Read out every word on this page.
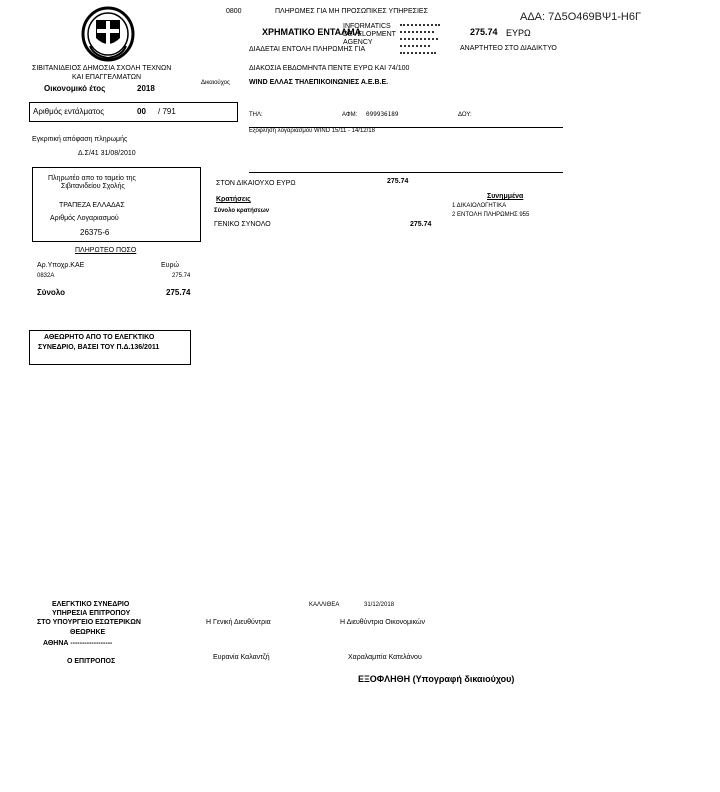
ΑΔΑ: 7Δ5Ο469ΒΨ1-Η6Γ
0800	ΠΛΗΡΩΜΕΣ ΓΙΑ ΜΗ ΠΡΟΣΩΠΙΚΕΣ ΥΠΗΡΕΣΙΕΣ
INFORMATICS
DEVELOPMENT
AGENCY
ΧΡΗΜΑΤΙΚΟ ΕΝΤΑΛΜΑ	275.74 ΕΥΡΩ
ΔΙΑΔΕΤΑΙ ΕΝΤΟΛΗ ΠΛΗΡΩΜΗΣ ΓΙΑ	ΑΝΑΡΤΗΤΕΟ ΣΤΟ ΔΙΑΔΙΚΤΥΟ
ΣΙΒΙΤΑΝΙΔΕΙΟΣ ΔΗΜΟΣΙΑ ΣΧΟΛΗ ΤΕΧΝΩΝ
ΚΑΙ ΕΠΑΓΓΕΛΜΑΤΩΝ
ΔΙΑΚΟΣΙΑ ΕΒΔΟΜΗΝΤΑ ΠΕΝΤΕ ΕΥΡΩ ΚΑΙ 74/100
Οικονομικό έτος	2018
Δικαιούχος	WIND ΕΛΛΑΣ ΤΗΛΕΠΙΚΟΙΝΩΝΙΕΣ Α.Ε.Β.Ε.
Αριθμός εντάλματος	00 / 791	ΤΗΛ:	ΑΦΜ: 099936189	ΔΟΥ:
Εξόφληση λογαριασμού WIND 15/11 - 14/12/18
Εγκριτική απόφαση πληρωμής
Δ.Σ/41 31/08/2010
Πληρωτέο απο το ταμείο της
Σιβιτανιδείου Σχολής
ΤΡΑΠΕΖΑ ΕΛΛΑΔΑΣ
Αριθμός Λογαριασμού
26375-6
ΣΤΟΝ ΔΙΚΑΙΟΥΧΟ ΕΥΡΩ	275.74
Συνημμένα
Κρατήσεις
1 ΔΙΚΑΙΟΛΟΓΗΤΙΚΑ
Σύνολο κρατήσεων
2 ΕΝΤΟΛΗ ΠΛΗΡΩΜΗΣ 955
ΓΕΝΙΚΟ ΣΥΝΟΛΟ	275.74
ΠΛΗΡΩΤΕΟ ΠΟΣΟ
Αρ.Υποχρ.ΚΑΕ	Ευρώ
0832Α	275.74
Σύνολο	275.74
ΑΘΕΩΡΗΤΟ ΑΠΟ ΤΟ ΕΛΕΓΚΤΙΚΟ
ΣΥΝΕΔΡΙΟ, ΒΑΣΕΙ ΤΟΥ Π.Δ.136/2011
ΕΛΕΓΚΤΙΚΟ ΣΥΝΕΔΡΙΟ
ΥΠΗΡΕΣΙΑ ΕΠΙΤΡΟΠΟΥ
ΣΤΟ ΥΠΟΥΡΓΕΙΟ ΕΣΩΤΕΡΙΚΩΝ
ΘΕΩΡΗΚΕ
ΑΘΗΝΑ ------------------
Ο ΕΠΙΤΡΟΠΟΣ
ΚΑΛΛΙΘΕΑ	31/12/2018
Η Γενική Διευθύντρια	Η Διευθύντρια Οικονομικών
Ευρανία Καλαντζή	Χαραλαμπία Κατελάνου
ΕΞΟΦΛΗΘΗ (Υπογραφή δικαιούχου)
